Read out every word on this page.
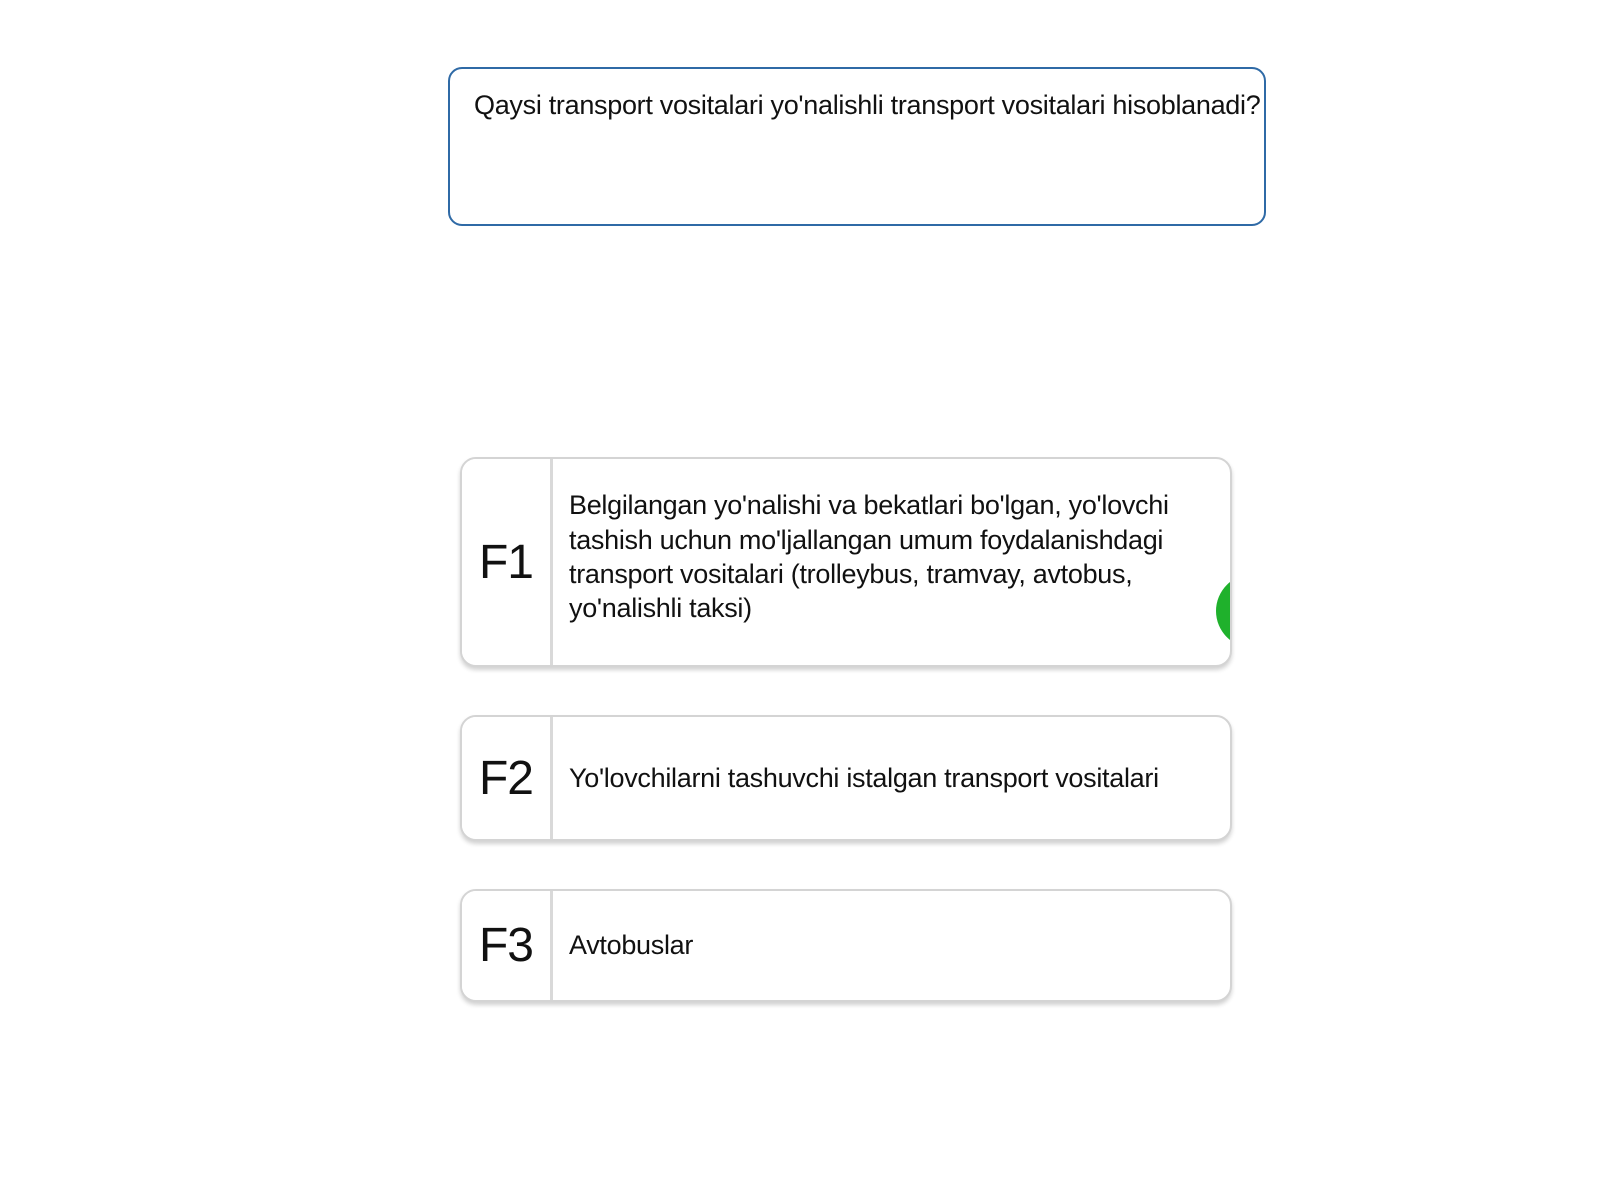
Qaysi transport vositalari yo'nalishli transport vositalari hisoblanadi?
F1
Belgilangan yo'nalishi va bekatlari bo'lgan, yo'lovchi tashish uchun mo'ljallangan umum foydalanishdagi transport vositalari (trolleybus, tramvay, avtobus, yo'nalishli taksi)
F2	Yo'lovchilarni tashuvchi istalgan transport vositalari
F3	Avtobuslar
